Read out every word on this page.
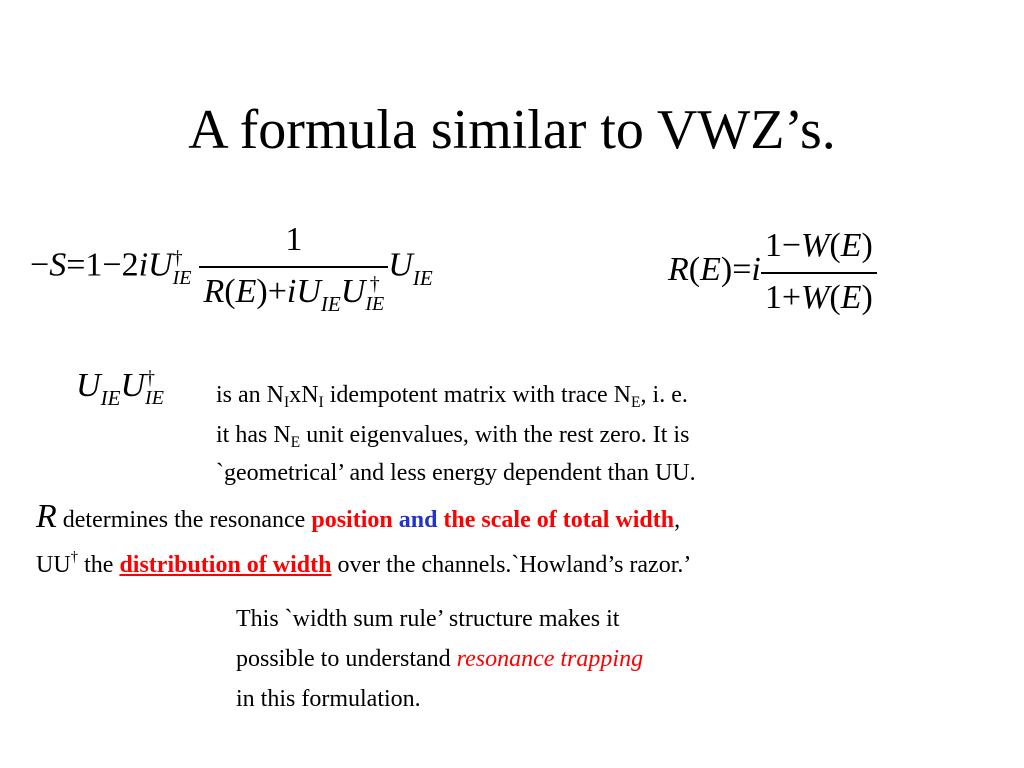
A formula similar to VWZ’s.
−S=1−2iU †
IE 1
$R(E)+iU_{IE}U$ †
IE $U_{IE}$	$R(E)=i \frac{1-W(E)}{1+W(E)}$
$U_{IE}U$ †
IE is an NIxNI idempotent matrix with trace NE, i. e.
it has NE unit eigenvalues, with the rest zero. It is
`geometrical’ and less energy dependent than UU.
R determines the resonance position and the scale of total width,
UU† the distribution of width over the channels.`Howland’s razor.’
This `width sum rule’ structure makes it
possible to understand resonance trapping
in this formulation.
